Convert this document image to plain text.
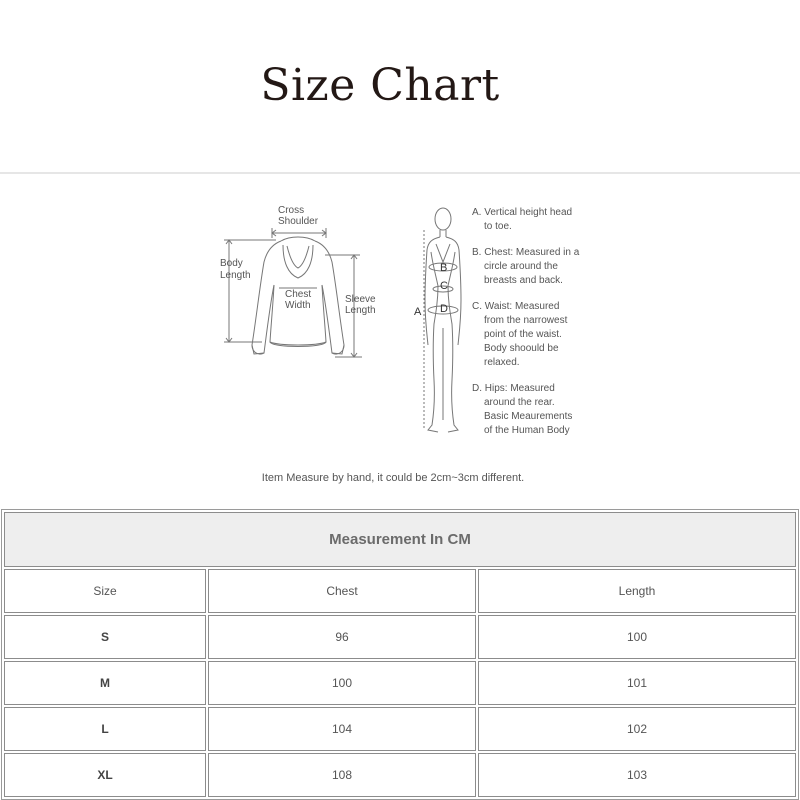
Size Chart
Cross
Shoulder
Body
Length
Chest
Width
Sleeve
Length
B
C
D
A
A. Vertical height head
to toe.
B. Chest: Measured in a
circle around the
breasts and back.
C. Waist: Measured
from the narrowest
point of the waist.
Body shoould be
relaxed.
D. Hips: Measured
around the rear.
Basic Meaurements
of the Human Body
Item Measure by hand, it could be 2cm~3cm different.
Measurement In CM		
Size	Chest	Length
S	96	100
M	100	101
L	104	102
XL	108	103
